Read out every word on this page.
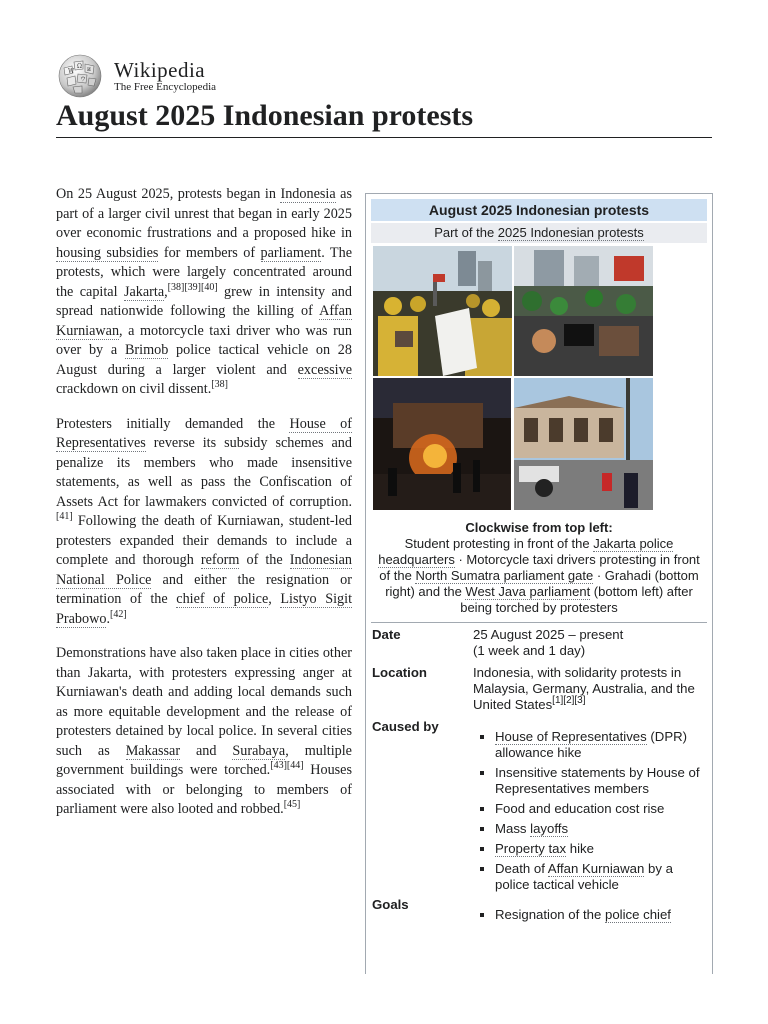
W
Ω и
ウ Wikipedia
The Free Encyclopedia
August 2025 Indonesian protests

On 25 August 2025, protests began in Indonesia as part of a larger civil unrest that began in early 2025 over economic frustrations and a proposed hike in housing subsidies for members of parliament. The protests, which were largely concentrated around the capital Jakarta,[38][39][40] grew in intensity and spread nationwide following the killing of Affan Kurniawan, a motorcycle taxi driver who was run over by a Brimob police tactical vehicle on 28 August during a larger violent and excessive crackdown on civil dissent.[38]

Protesters initially demanded the House of Representatives reverse its subsidy schemes and penalize its members who made insensitive statements, as well as pass the Confiscation of Assets Act for lawmakers convicted of corruption.[41] Following the death of Kurniawan, student-led protesters expanded their demands to include a complete and thorough reform of the Indonesian National Police and either the resignation or termination of the chief of police, Listyo Sigit Prabowo.[42]

Demonstrations have also taken place in cities other than Jakarta, with protesters expressing anger at Kurniawan's death and adding local demands such as more equitable development and the release of protesters detained by local police. In several cities such as Makassar and Surabaya, multiple government buildings were torched.[43][44] Houses associated with or belonging to members of parliament were also looted and robbed.[45]

August 2025 Indonesian protests
Part of the 2025 Indonesian protests
Clockwise from top left:
Student protesting in front of the Jakarta police headquarters · Motorcycle taxi drivers protesting in front of the North Sumatra parliament gate · Grahadi (bottom right) and the West Java parliament (bottom left) after being torched by protesters
Date	25 August 2025 – present
(1 week and 1 day)
Location	Indonesia, with solidarity protests in Malaysia, Germany, Australia, and the United States[1][2][3]
Caused by
▪ House of Representatives (DPR) allowance hike
▪ Insensitive statements by House of Representatives members
▪ Food and education cost rise
▪ Mass layoffs
▪ Property tax hike
▪ Death of Affan Kurniawan by a police tactical vehicle
Goals
▪ Resignation of the police chief
